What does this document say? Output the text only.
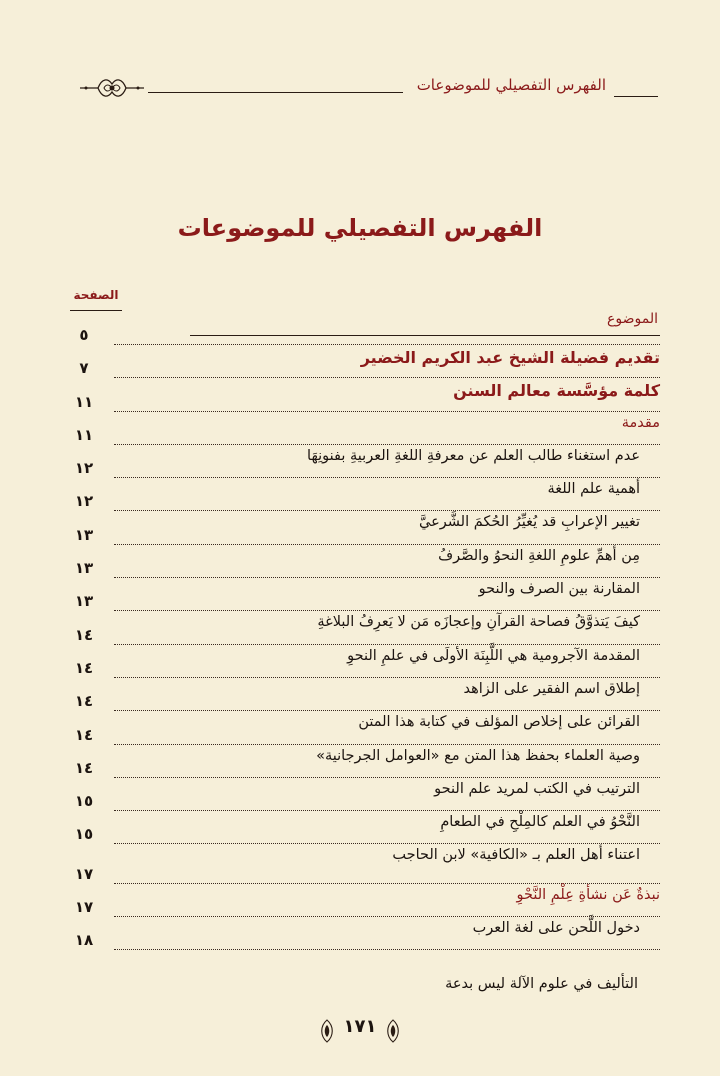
الفهرس التفصيلي للموضوعات
الفهرس التفصيلي للموضوعات
الصفحة
الموضوع
٥
تقديم فضيلة الشيخ عبد الكريم الخضير
٧
كلمة مؤسَّسة معالم السنن
١١
مقدمة
١١
عدم استغناء طالب العلم عن معرفةِ اللغةِ العربيةِ بفنونِهَا
١٢
أهمية علم اللغة
١٢
تغيير الإعرابِ قد يُغيِّرُ الحُكمَ الشَّرعيَّ
١٣
مِن أهمِّ علومِ اللغةِ النحوُ والصَّرفُ
١٣
المقارنة بين الصرف والنحو
١٣
كيفَ يَتذوَّقُ فصاحة القرآنِ وإعجازَه مَن لا يَعرِفُ البلاغةِ
١٤
المقدمة الآجرومية هي اللَّبِنَة الأولَى في علمِ النحوِ
١٤
إطلاق اسم الفقير على الزاهد
١٤
القرائن على إخلاص المؤلف في كتابة هذا المتن
١٤
وصية العلماء بحفظ هذا المتن مع «العوامل الجرجانية»
١٤
الترتيب في الكتب لمريد علم النحو
١٥
النَّحْوُ في العلم كالمِلْحِ في الطعامِ
١٥
اعتناء أهل العلم بـ «الكافية» لابن الحاجب
١٧
نبذةٌ عَن نشأةِ عِلْمِ النَّحْوِ
١٧
دخول اللَّحن على لغة العرب
١٨
التأليف في علوم الآلة ليس بدعة
١٧١
